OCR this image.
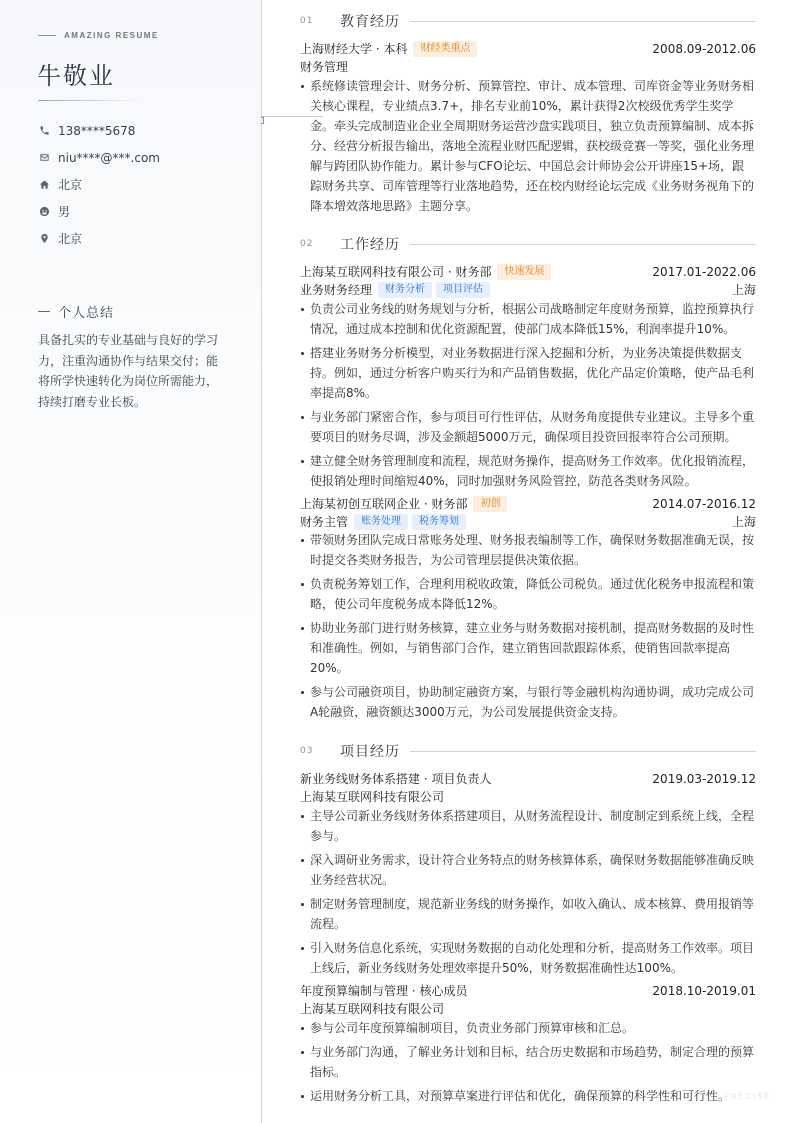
AMAZING RESUME
牛敬业
138****5678
niu****@***.com
北京
男
北京
个人总结
具备扎实的专业基础与良好的学习力，注重沟通协作与结果交付；能将所学快速转化为岗位所需能力，持续打磨专业长板。
01	教育经历
上海财经大学 · 本科	财经类重点	2008.09-2012.06
财务管理
系统修读管理会计、财务分析、预算管控、审计、成本管理、司库资金等业务财务相关核心课程，专业绩点3.7+，排名专业前10%，累计获得2次校级优秀学生奖学金。牵头完成制造业企业全周期财务运营沙盘实践项目，独立负责预算编制、成本拆分、经营分析报告输出，落地全流程业财匹配逻辑，获校级竞赛一等奖，强化业务理解与跨团队协作能力。累计参与CFO论坛、中国总会计师协会公开讲座15+场，跟踪财务共享、司库管理等行业落地趋势，还在校内财经论坛完成《业务财务视角下的降本增效落地思路》主题分享。
02	工作经历
上海某互联网科技有限公司 · 财务部	快速发展	2017.01-2022.06
业务财务经理	财务分析	项目评估	上海
负责公司业务线的财务规划与分析，根据公司战略制定年度财务预算，监控预算执行情况，通过成本控制和优化资源配置，使部门成本降低15%，利润率提升10%。
搭建业务财务分析模型，对业务数据进行深入挖掘和分析，为业务决策提供数据支持。例如，通过分析客户购买行为和产品销售数据，优化产品定价策略，使产品毛利率提高8%。
与业务部门紧密合作，参与项目可行性评估，从财务角度提供专业建议。主导多个重要项目的财务尽调，涉及金额超5000万元，确保项目投资回报率符合公司预期。
建立健全财务管理制度和流程，规范财务操作，提高财务工作效率。优化报销流程，使报销处理时间缩短40%，同时加强财务风险管控，防范各类财务风险。
上海某初创互联网企业 · 财务部	初创	2014.07-2016.12
财务主管	账务处理	税务筹划	上海
带领财务团队完成日常账务处理、财务报表编制等工作，确保财务数据准确无误，按时提交各类财务报告，为公司管理层提供决策依据。
负责税务筹划工作，合理利用税收政策，降低公司税负。通过优化税务申报流程和策略，使公司年度税务成本降低12%。
协助业务部门进行财务核算，建立业务与财务数据对接机制，提高财务数据的及时性和准确性。例如，与销售部门合作，建立销售回款跟踪体系，使销售回款率提高20%。
参与公司融资项目，协助制定融资方案，与银行等金融机构沟通协调，成功完成公司A轮融资，融资额达3000万元，为公司发展提供资金支持。
03	项目经历
新业务线财务体系搭建 · 项目负责人	2019.03-2019.12
上海某互联网科技有限公司
主导公司新业务线财务体系搭建项目，从财务流程设计、制度制定到系统上线，全程参与。
深入调研业务需求，设计符合业务特点的财务核算体系，确保财务数据能够准确反映业务经营状况。
制定财务管理制度，规范新业务线的财务操作，如收入确认、成本核算、费用报销等流程。
引入财务信息化系统，实现财务数据的自动化处理和分析，提高财务工作效率。项目上线后，新业务线财务处理效率提升50%，财务数据准确性达100%。
年度预算编制与管理 · 核心成员	2018.10-2019.01
上海某互联网科技有限公司
参与公司年度预算编制项目，负责业务部门预算审核和汇总。
与业务部门沟通，了解业务计划和目标，结合历史数据和市场趋势，制定合理的预算指标。
运用财务分析工具，对预算草案进行评估和优化，确保预算的科学性和可行性。
PRECISE
